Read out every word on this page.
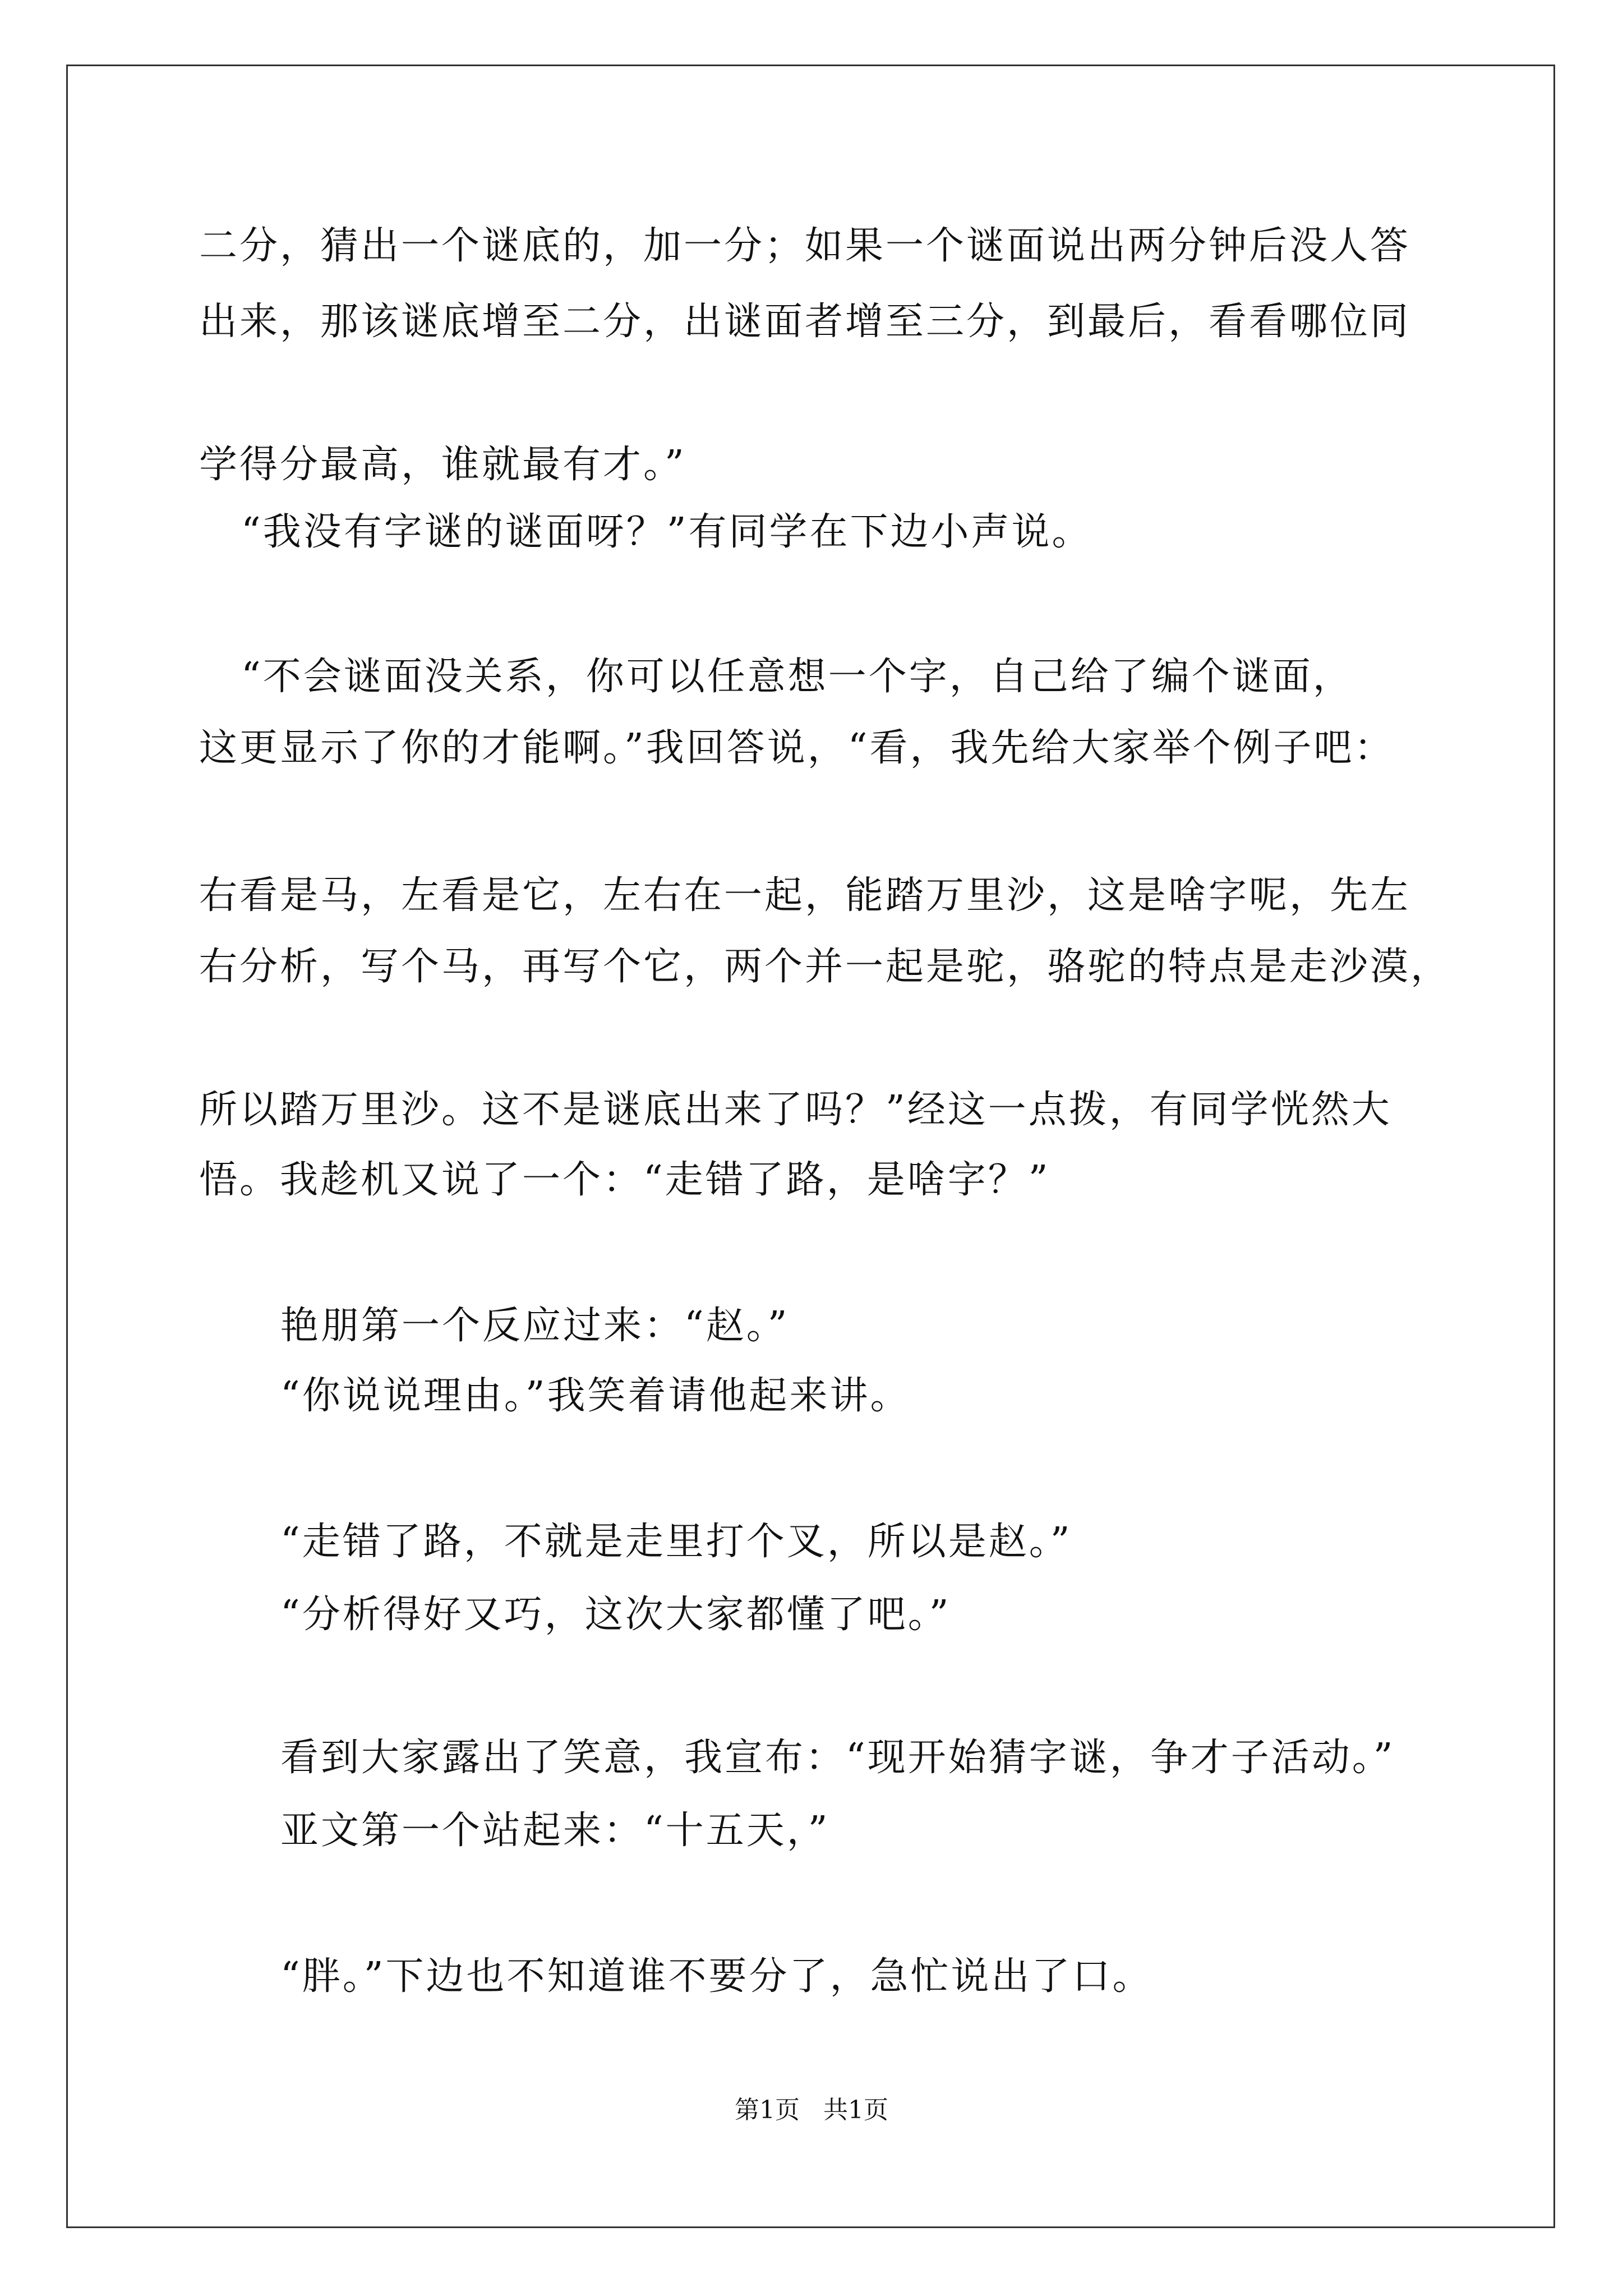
二分，猜出一个谜底的，加一分；如果一个谜面说出两分钟后没人答
出来，那该谜底增至二分，出谜面者增至三分，到最后，看看哪位同
学得分最高，谁就最有才。”
“我没有字谜的谜面呀？”有同学在下边小声说。
“不会谜面没关系，你可以任意想一个字，自己给了编个谜面，
这更显示了你的才能啊。”我回答说，“看，我先给大家举个例子吧：
右看是马，左看是它，左右在一起，能踏万里沙，这是啥字呢，先左
右分析，写个马，再写个它，两个并一起是驼，骆驼的特点是走沙漠，
所以踏万里沙。这不是谜底出来了吗？”经这一点拨，有同学恍然大
悟。我趁机又说了一个：“走错了路，是啥字？”
艳朋第一个反应过来：“赵。”
“你说说理由。”我笑着请他起来讲。
“走错了路，不就是走里打个叉，所以是赵。”
“分析得好又巧，这次大家都懂了吧。”
看到大家露出了笑意，我宣布：“现开始猜字谜，争才子活动。”
亚文第一个站起来：“十五天，”
“胖。”下边也不知道谁不要分了，急忙说出了口。
第1页   共1页
